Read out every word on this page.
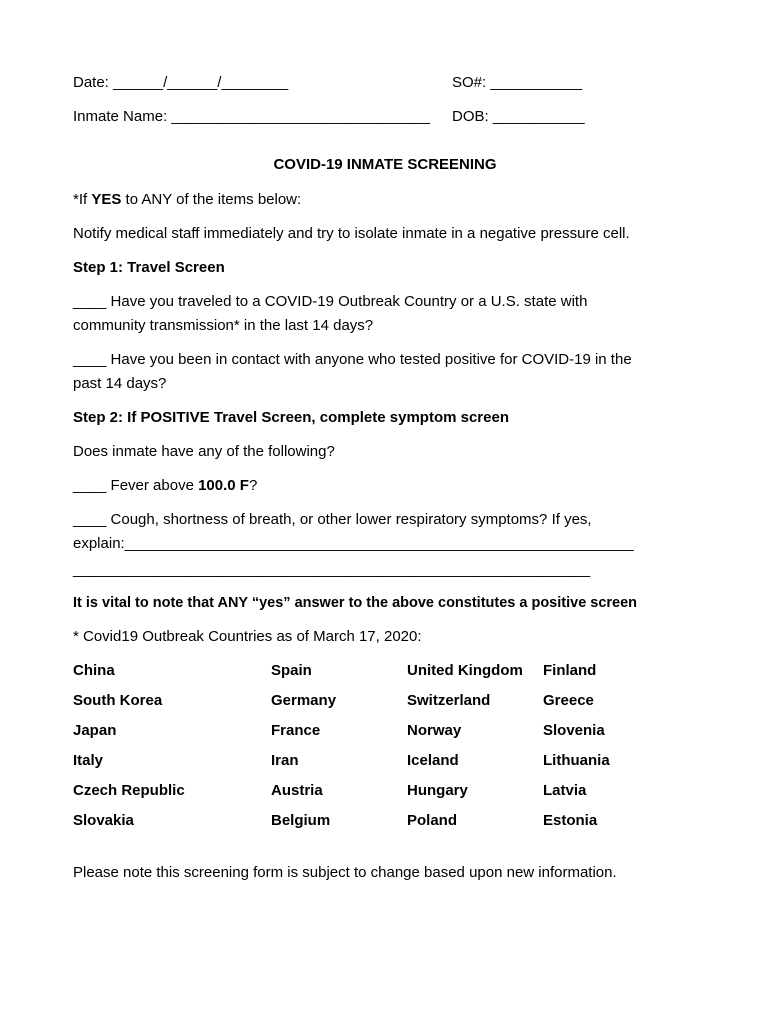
Date: ______/______/________	SO#: ___________
Inmate Name: _______________________________ DOB: ___________
COVID-19 INMATE SCREENING
*If YES to ANY of the items below:
Notify medical staff immediately and try to isolate inmate in a negative pressure cell.
Step 1: Travel Screen
____ Have you traveled to a COVID-19 Outbreak Country or a U.S. state with
community transmission* in the last 14 days?
____ Have you been in contact with anyone who tested positive for COVID-19 in the
past 14 days?
Step 2: If POSITIVE Travel Screen, complete symptom screen
Does inmate have any of the following?
____ Fever above 100.0 F?
____ Cough, shortness of breath, or other lower respiratory symptoms? If yes,
explain:_____________________________________________________________
______________________________________________________________
It is vital to note that ANY “yes” answer to the above constitutes a positive screen
* Covid19 Outbreak Countries as of March 17, 2020:
China
South Korea
Japan
Italy
Czech Republic
Slovakia
Spain
Germany
France
Iran
Austria
Belgium
United Kingdom
Switzerland
Norway
Iceland
Hungary
Poland
Finland
Greece
Slovenia
Lithuania
Latvia
Estonia
Please note this screening form is subject to change based upon new information.
